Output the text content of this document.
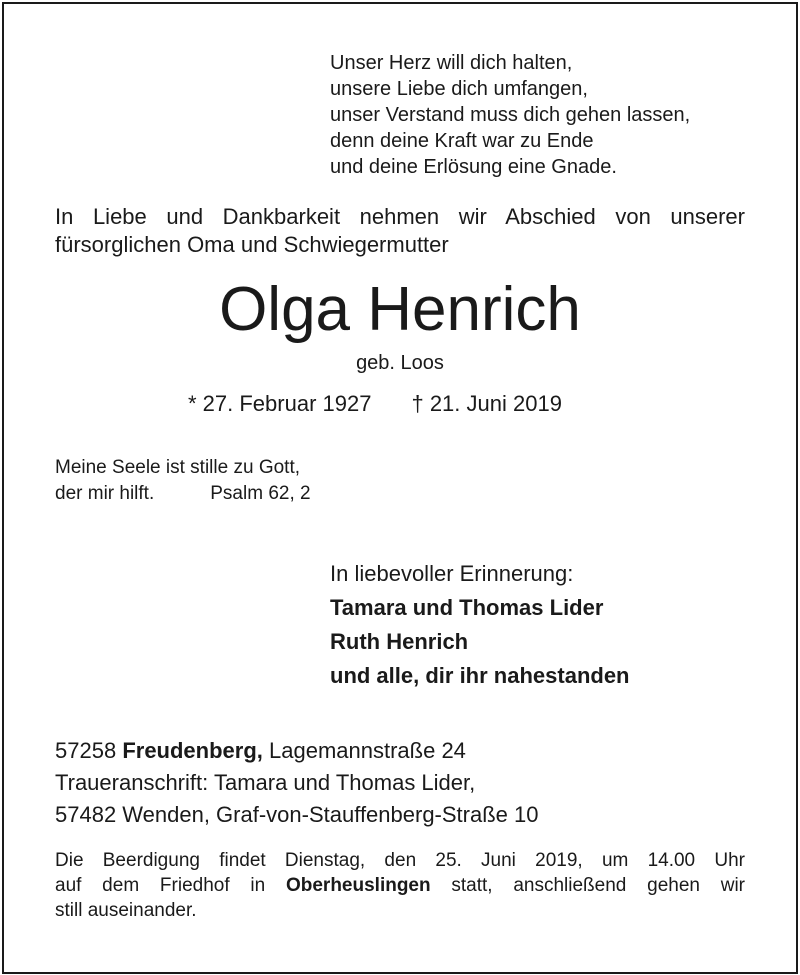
Unser Herz will dich halten,
unsere Liebe dich umfangen,
unser Verstand muss dich gehen lassen,
denn deine Kraft war zu Ende
und deine Erlösung eine Gnade.
In Liebe und Dankbarkeit nehmen wir Abschied von unserer
fürsorglichen Oma und Schwiegermutter
Olga Henrich
geb. Loos
* 27. Februar 1927 † 21. Juni 2019
Meine Seele ist stille zu Gott,
der mir hilft.	Psalm 62, 2
In liebevoller Erinnerung:
Tamara und Thomas Lider
Ruth Henrich
und alle, dir ihr nahestanden
57258 Freudenberg, Lagemannstraße 24
Traueranschrift: Tamara und Thomas Lider,
57482 Wenden, Graf-von-Stauffenberg-Straße 10
Die Beerdigung findet Dienstag, den 25. Juni 2019, um 14.00 Uhr
auf dem Friedhof in Oberheuslingen statt, anschließend gehen wir
still auseinander.
